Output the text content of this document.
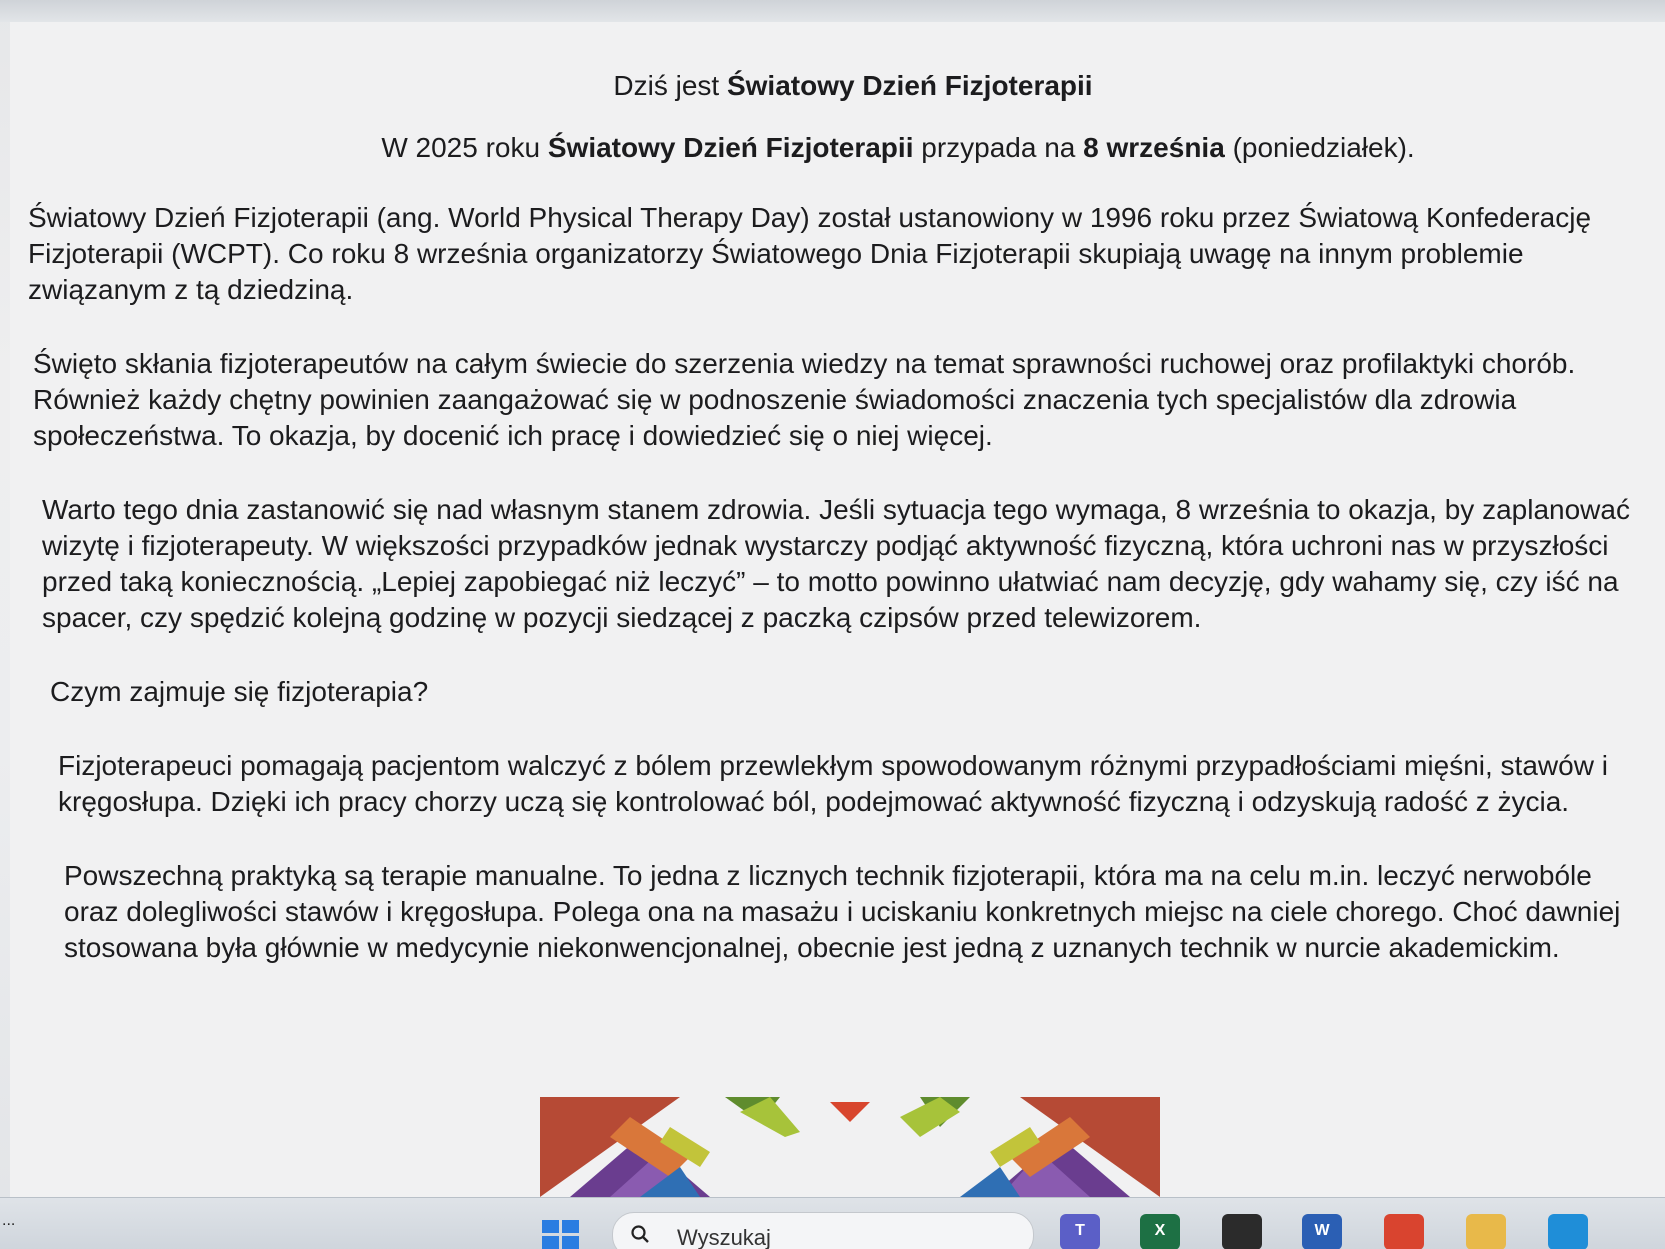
Dziś jest Światowy Dzień Fizjoterapii

W 2025 roku Światowy Dzień Fizjoterapii przypada na 8 września (poniedziałek).

Światowy Dzień Fizjoterapii (ang. World Physical Therapy Day) został ustanowiony w 1996 roku przez Światową Konfederację Fizjoterapii (WCPT). Co roku 8 września organizatorzy Światowego Dnia Fizjoterapii skupiają uwagę na innym problemie związanym z tą dziedziną.

Święto skłania fizjoterapeutów na całym świecie do szerzenia wiedzy na temat sprawności ruchowej oraz profilaktyki chorób. Również każdy chętny powinien zaangażować się w podnoszenie świadomości znaczenia tych specjalistów dla zdrowia społeczeństwa. To okazja, by docenić ich pracę i dowiedzieć się o niej więcej.

Warto tego dnia zastanowić się nad własnym stanem zdrowia. Jeśli sytuacja tego wymaga, 8 września to okazja, by zaplanować wizytę i fizjoterapeuty. W większości przypadków jednak wystarczy podjąć aktywność fizyczną, która uchroni nas w przyszłości przed taką koniecznością. „Lepiej zapobiegać niż leczyć” – to motto powinno ułatwiać nam decyzję, gdy wahamy się, czy iść na spacer, czy spędzić kolejną godzinę w pozycji siedzącej z paczką czipsów przed telewizorem.

Czym zajmuje się fizjoterapia?

Fizjoterapeuci pomagają pacjentom walczyć z bólem przewlekłym spowodowanym różnymi przypadłościami mięśni, stawów i kręgosłupa. Dzięki ich pracy chorzy uczą się kontrolować ból, podejmować aktywność fizyczną i odzyskują radość z życia.

Powszechną praktyką są terapie manualne. To jedna z licznych technik fizjoterapii, która ma na celu m.in. leczyć nerwobóle oraz dolegliwości stawów i kręgosłupa. Polega ona na masażu i uciskaniu konkretnych miejsc na ciele chorego. Choć dawniej stosowana była głównie w medycynie niekonwencjonalnej, obecnie jest jedną z uznanych technik w nurcie akademickim.

...
Wyszukaj	T	X	W
